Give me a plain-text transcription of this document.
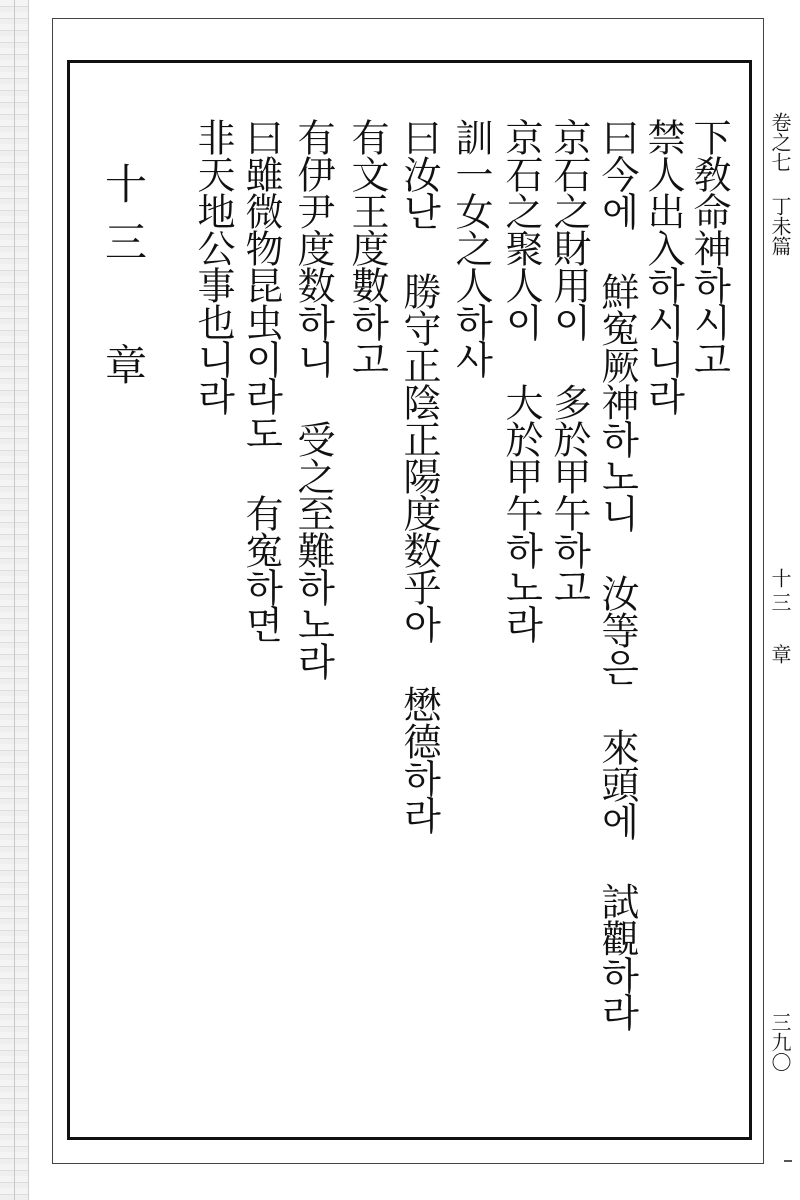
下敎命神하시고
禁人出入하시니라
曰今에 鮮寃厥神하노니 汝等은 來頭에 試觀하라
京石之財用이 多於甲午하고
京石之聚人이 大於甲午하노라
訓一女之人하사
曰汝난 勝守正陰正陽度数乎아 懋德하라
有文王度數하고
有伊尹度数하니 受之至難하노라
曰雖微物昆虫이라도 有寃하면
非天地公事也니라
十三 章	卷之七 丁未篇
十三 章
三九〇
